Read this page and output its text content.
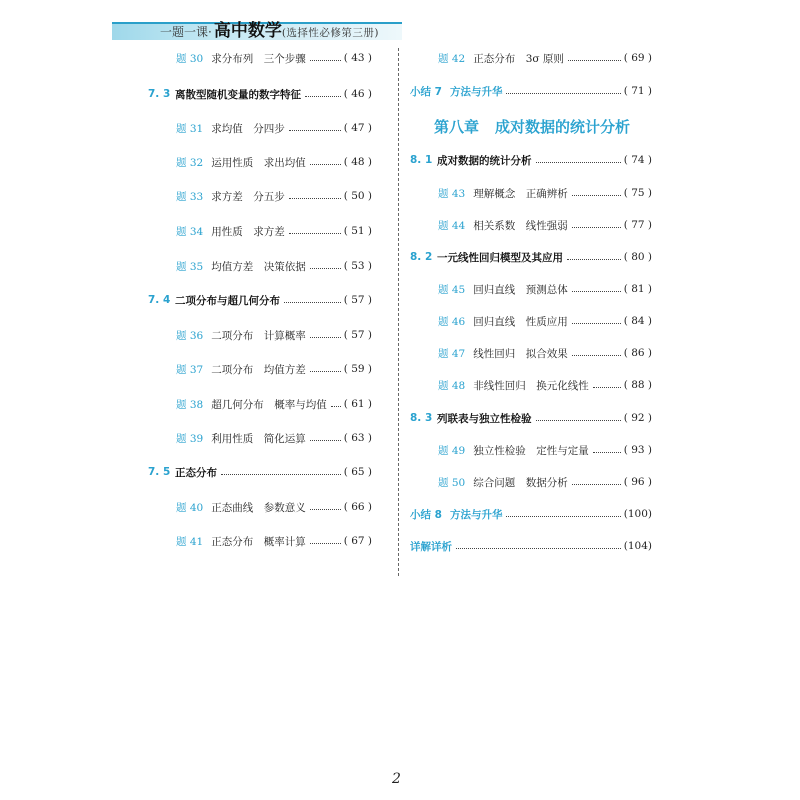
一题一课· 高中数学 (选择性必修第三册)
题 30 求分布列　三个步骤	( 43 )
7. 3 离散型随机变量的数字特征	( 46 )
题 31 求均值　分四步	( 47 )
题 32 运用性质　求出均值	( 48 )
题 33 求方差　分五步	( 50 )
题 34 用性质　求方差	( 51 )
题 35 均值方差　决策依据	( 53 )
7. 4 二项分布与超几何分布	( 57 )
题 36 二项分布　计算概率	( 57 )
题 37 二项分布　均值方差	( 59 )
题 38 超几何分布　概率与均值 ( 61 )
题 39 利用性质　简化运算	( 63 )
7. 5 正态分布	( 65 )
题 40 正态曲线　参数意义	( 66 )
题 41 正态分布　概率计算	( 67 )
题 42 正态分布　3σ 原则	( 69 )
小结 7 方法与升华	( 71 )
第八章 成对数据的统计分析
8. 1 成对数据的统计分析	( 74 )
题 43 理解概念　正确辨析	( 75 )
题 44 相关系数　线性强弱	( 77 )
8. 2 一元线性回归模型及其应用	( 80 )
题 45 回归直线　预测总体	( 81 )
题 46 回归直线　性质应用	( 84 )
题 47 线性回归　拟合效果	( 86 )
题 48 非线性回归　换元化线性	( 88 )
8. 3 列联表与独立性检验	( 92 )
题 49 独立性检验　定性与定量	( 93 )
题 50 综合问题　数据分析	( 96 )
小结 8 方法与升华	(100)
详解详析	(104)
2
